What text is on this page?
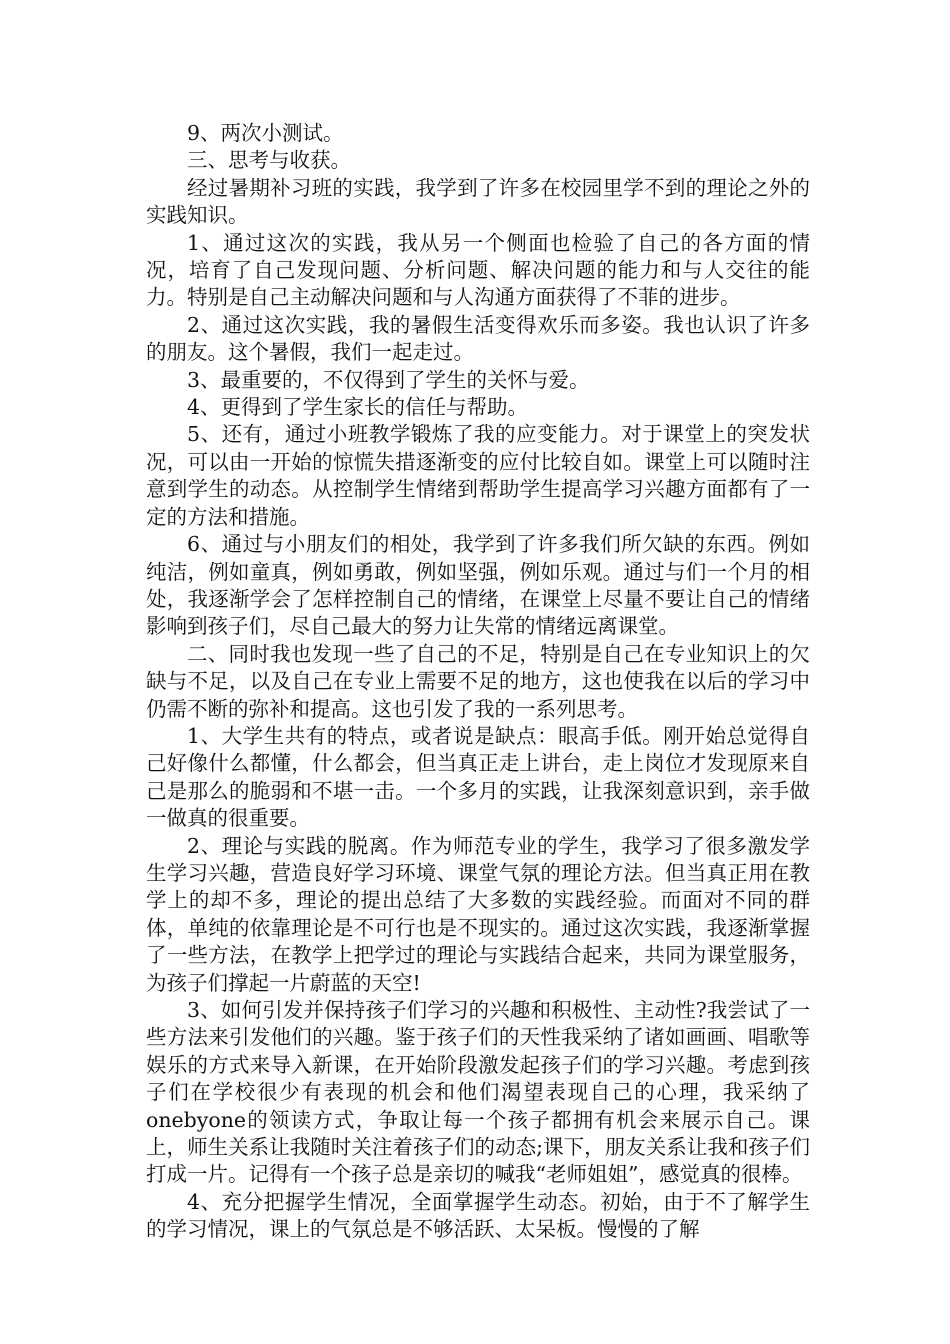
9、两次小测试。

三、思考与收获。

经过暑期补习班的实践，我学到了许多在校园里学不到的理论之外的实践知识。

1、通过这次的实践，我从另一个侧面也检验了自己的各方面的情况，培育了自己发现问题、分析问题、解决问题的能力和与人交往的能力。特别是自己主动解决问题和与人沟通方面获得了不菲的进步。

2、通过这次实践，我的暑假生活变得欢乐而多姿。我也认识了许多的朋友。这个暑假，我们一起走过。

3、最重要的，不仅得到了学生的关怀与爱。

4、更得到了学生家长的信任与帮助。

5、还有，通过小班教学锻炼了我的应变能力。对于课堂上的突发状况，可以由一开始的惊慌失措逐渐变的应付比较自如。课堂上可以随时注意到学生的动态。从控制学生情绪到帮助学生提高学习兴趣方面都有了一定的方法和措施。

6、通过与小朋友们的相处，我学到了许多我们所欠缺的东西。例如纯洁，例如童真，例如勇敢，例如坚强，例如乐观。通过与们一个月的相处，我逐渐学会了怎样控制自己的情绪，在课堂上尽量不要让自己的情绪影响到孩子们，尽自己最大的努力让失常的情绪远离课堂。

二、同时我也发现一些了自己的不足，特别是自己在专业知识上的欠缺与不足，以及自己在专业上需要不足的地方，这也使我在以后的学习中仍需不断的弥补和提高。这也引发了我的一系列思考。

1、大学生共有的特点，或者说是缺点：眼高手低。刚开始总觉得自己好像什么都懂，什么都会，但当真正走上讲台，走上岗位才发现原来自己是那么的脆弱和不堪一击。一个多月的实践，让我深刻意识到，亲手做一做真的很重要。

2、理论与实践的脱离。作为师范专业的学生，我学习了很多激发学生学习兴趣，营造良好学习环境、课堂气氛的理论方法。但当真正用在教学上的却不多，理论的提出总结了大多数的实践经验。而面对不同的群体，单纯的依靠理论是不可行也是不现实的。通过这次实践，我逐渐掌握了一些方法，在教学上把学过的理论与实践结合起来，共同为课堂服务，为孩子们撑起一片蔚蓝的天空!

3、如何引发并保持孩子们学习的兴趣和积极性、主动性?我尝试了一些方法来引发他们的兴趣。鉴于孩子们的天性我采纳了诸如画画、唱歌等娱乐的方式来导入新课，在开始阶段激发起孩子们的学习兴趣。考虑到孩子们在学校很少有表现的机会和他们渴望表现自己的心理，我采纳了onebyone的领读方式，争取让每一个孩子都拥有机会来展示自己。课上，师生关系让我随时关注着孩子们的动态;课下，朋友关系让我和孩子们打成一片。记得有一个孩子总是亲切的喊我“老师姐姐”，感觉真的很棒。

4、充分把握学生情况，全面掌握学生动态。初始，由于不了解学生的学习情况，课上的气氛总是不够活跃、太呆板。慢慢的了解
